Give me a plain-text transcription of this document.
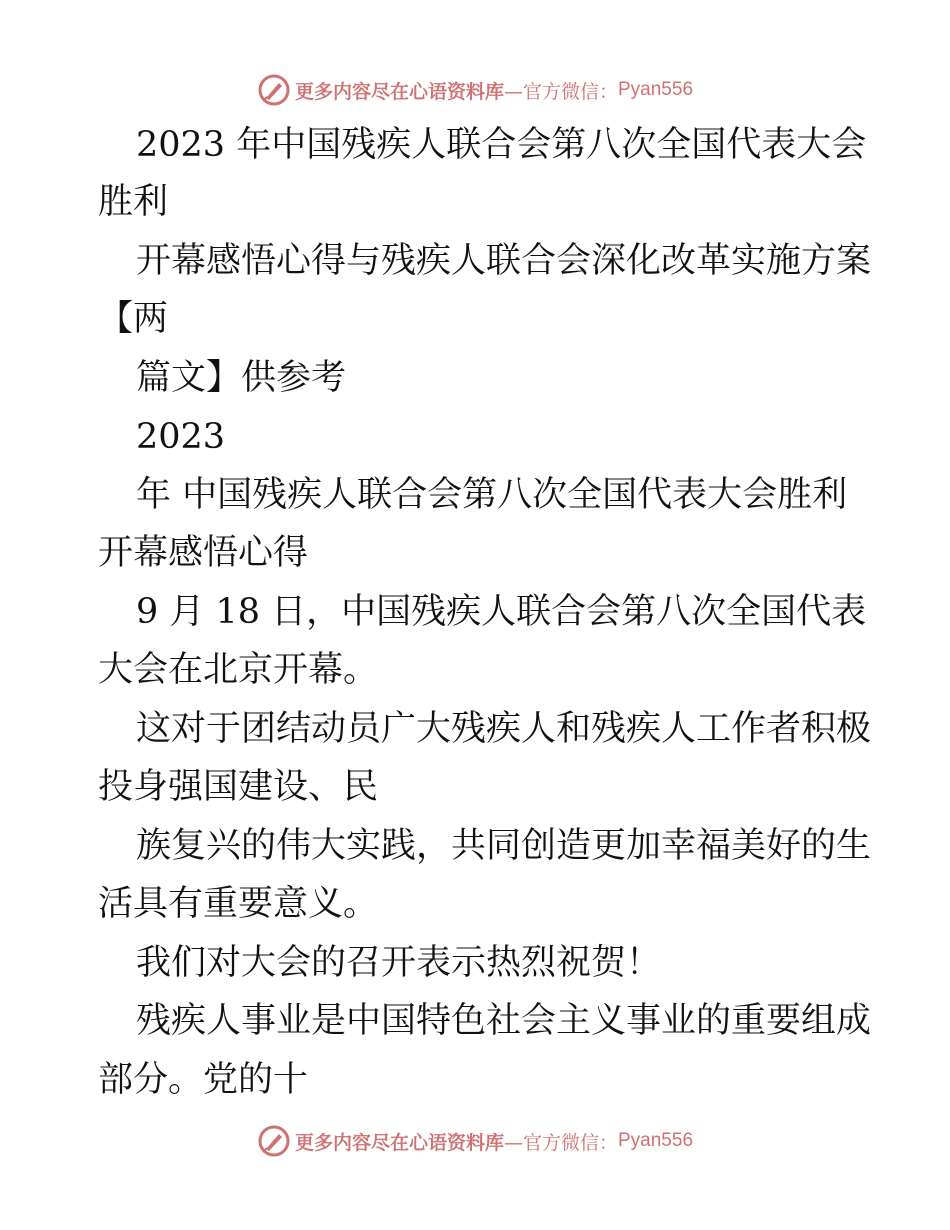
更多内容尽在心语资料库 —官方微信： Pyan556
2023 年中国残疾人联合会第八次全国代表大会
胜利
开幕感悟心得与残疾人联合会深化改革实施方案
【两
篇文】供参考
2023
年 中国残疾人联合会第八次全国代表大会胜利
开幕感悟心得
9 月 18 日，中国残疾人联合会第八次全国代表
大会在北京开幕。
这对于团结动员广大残疾人和残疾人工作者积极
投身强国建设、民
族复兴的伟大实践，共同创造更加幸福美好的生
活具有重要意义。
我们对大会的召开表示热烈祝贺！
残疾人事业是中国特色社会主义事业的重要组成
部分。党的十
更多内容尽在心语资料库 —官方微信： Pyan556
